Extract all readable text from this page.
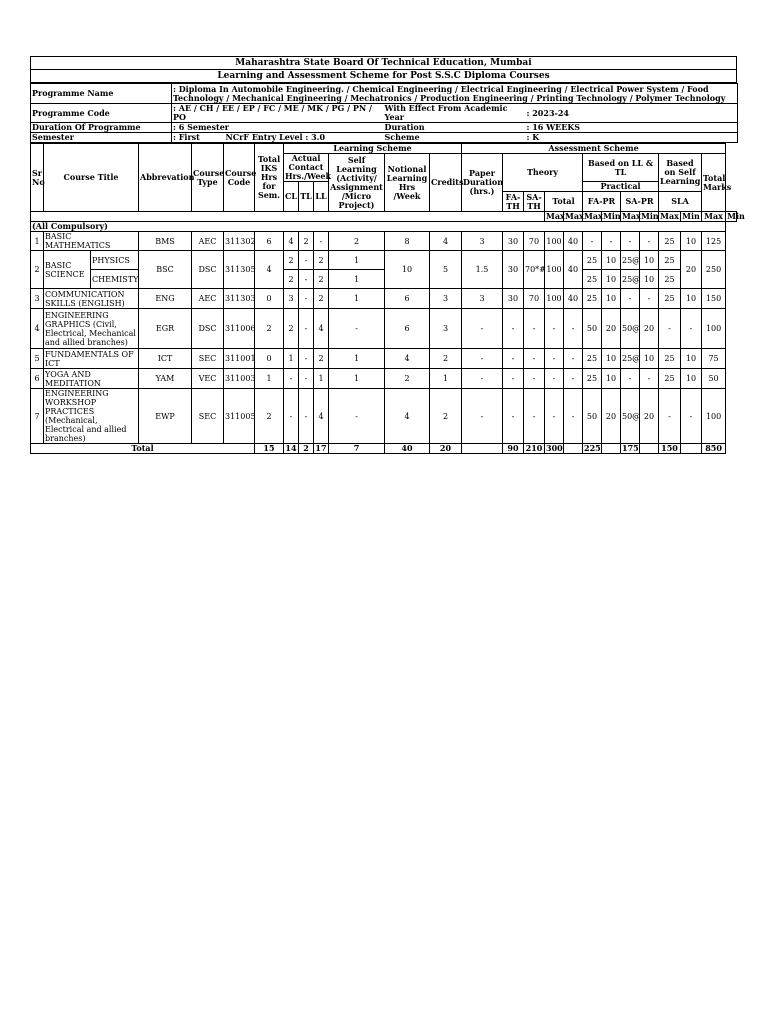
Maharashtra State Board Of Technical Education, Mumbai
Learning and Assessment Scheme for Post S.S.C Diploma Courses
Programme Name	: Diploma In Automobile Engineering. / Chemical Engineering / Electrical Engineering / Electrical Power System / Food Technology / Mechanical Engineering / Mechatronics / Production Engineering / Printing Technology / Polymer Technology		
Programme Code	: AE / CH / EE / EP / FC / ME / MK / PG / PN / PO	With Effect From Academic Year	: 2023-24
Duration Of Programme	: 6 Semester	Duration	: 16 WEEKS
Semester	: First NCrF Entry Level : 3.0	Scheme	: K
Sr No	Course Title		Abbrevation	Course Type	Course Code	Total IKS Hrs for Sem.	Learning Scheme						Assessment Scheme												
							Actual Contact Hrs./Week			Self Learning (Activity/ Assignment /Micro Project)	Notional Learning Hrs /Week	Credits	Paper Duration (hrs.)	Theory				Based on LL & TL				Based on Self Learning		Total Marks	
							CL	TL	LL									Practical							
														FA-TH	SA-TH	Total		FA-PR		SA-PR		SLA			
																Max	Max	Max	Min	Max	Min	Max	Min	Max	Min
(All Compulsory)																									
1	BASIC MATHEMATICS		BMS	AEC	311302	6	4	2	-	2	8	4	3	30	70	100	40	-	-	-	-	25	10	125	
2	BASIC SCIENCE	PHYSICS	BSC	DSC	311305	4	2	-	2	1	10	5	1.5	30	70*#	100	40	25	10	25@	10	25	20	250	
		CHEMISTY					2	-	2	1								25	10	25@	10	25			
3	COMMUNICATION SKILLS (ENGLISH)		ENG	AEC	311303	0	3	-	2	1	6	3	3	30	70	100	40	25	10	-	-	25	10	150	
4	ENGINEERING GRAPHICS (Civil, Electrical, Mechanical and allied branches)		EGR	DSC	311006	2	2	-	4	-	6	3	-	-	-	-	-	50	20	50@	20	-	-	100	
5	FUNDAMENTALS OF ICT		ICT	SEC	311001	0	1	-	2	1	4	2	-	-	-	-	-	25	10	25@	10	25	10	75	
6	YOGA AND MEDITATION		YAM	VEC	311003	1	-	-	1	1	2	1	-	-	-	-	-	25	10	-	-	25	10	50	
7	ENGINEERING WORKSHOP PRACTICES (Mechanical, Electrical and allied branches)		EWP	SEC	311005	2	-	-	4	-	4	2	-	-	-	-	-	50	20	50@	20	-	-	100	
Total						15	14	2	17	7	40	20		90	210	300		225		175		150		850	
